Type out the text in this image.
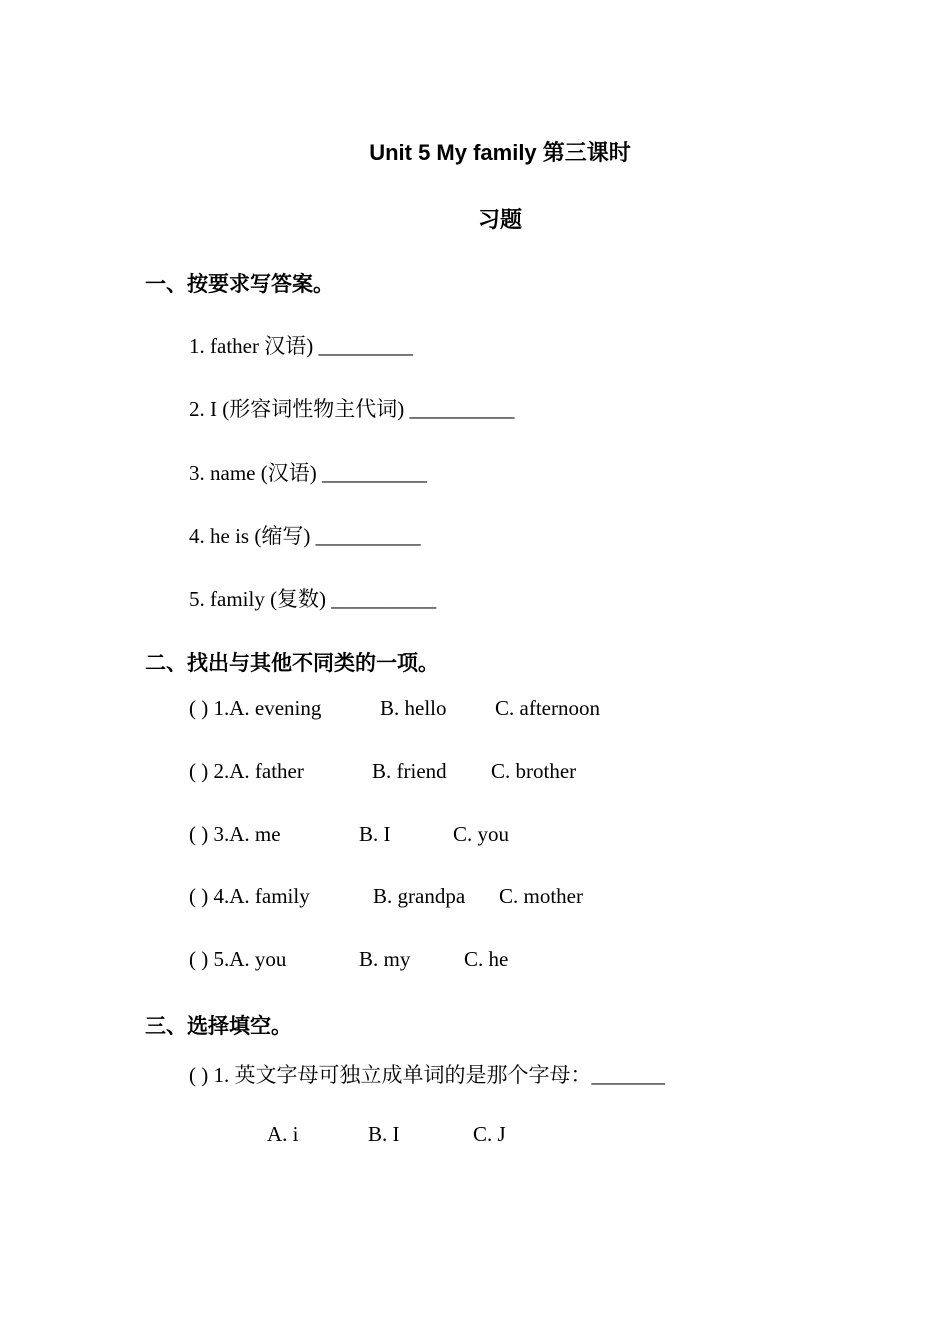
Unit 5 My family 第三课时
习题
一、按要求写答案。
1. father 汉语) _________
2. I (形容词性物主代词) __________
3. name (汉语) __________
4. he is (缩写) __________
5. family (复数) __________
二、找出与其他不同类的一项。
( ) 1.A. evening	B. hello C. afternoon
( ) 2.A. father	B. friend C. brother
( ) 3.A. me	B. I	C. you
( ) 4.A. family	B. grandpa C. mother
( ) 5.A. you	B. my	C. he
三、选择填空。
( ) 1. 英文字母可独立成单词的是那个字母：_______
A. i	B. I	C. J
